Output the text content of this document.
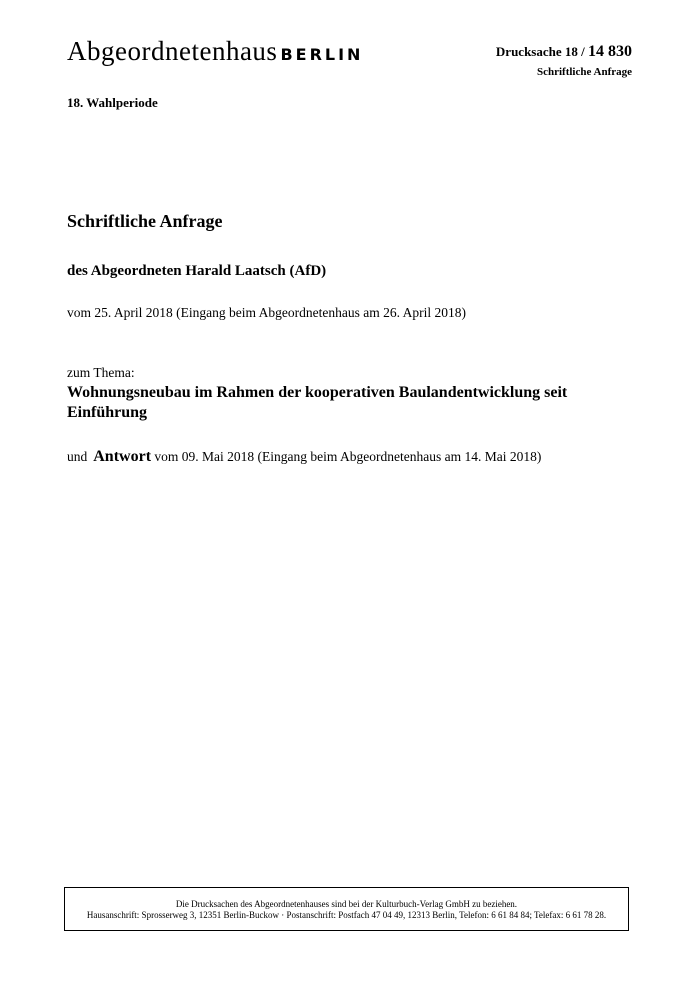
Abgeordnetenhaus BERLIN	Drucksache 18 / 14 830
Schriftliche Anfrage
18. Wahlperiode
Schriftliche Anfrage
des Abgeordneten Harald Laatsch (AfD)
vom 25. April 2018 (Eingang beim Abgeordnetenhaus am 26. April 2018)
zum Thema:
Wohnungsneubau im Rahmen der kooperativen Baulandentwicklung seit Einführung
und Antwort vom 09. Mai 2018 (Eingang beim Abgeordnetenhaus am 14. Mai 2018)
Die Drucksachen des Abgeordnetenhauses sind bei der Kulturbuch-Verlag GmbH zu beziehen.
Hausanschrift: Sprosserweg 3, 12351 Berlin-Buckow · Postanschrift: Postfach 47 04 49, 12313 Berlin, Telefon: 6 61 84 84; Telefax: 6 61 78 28.
